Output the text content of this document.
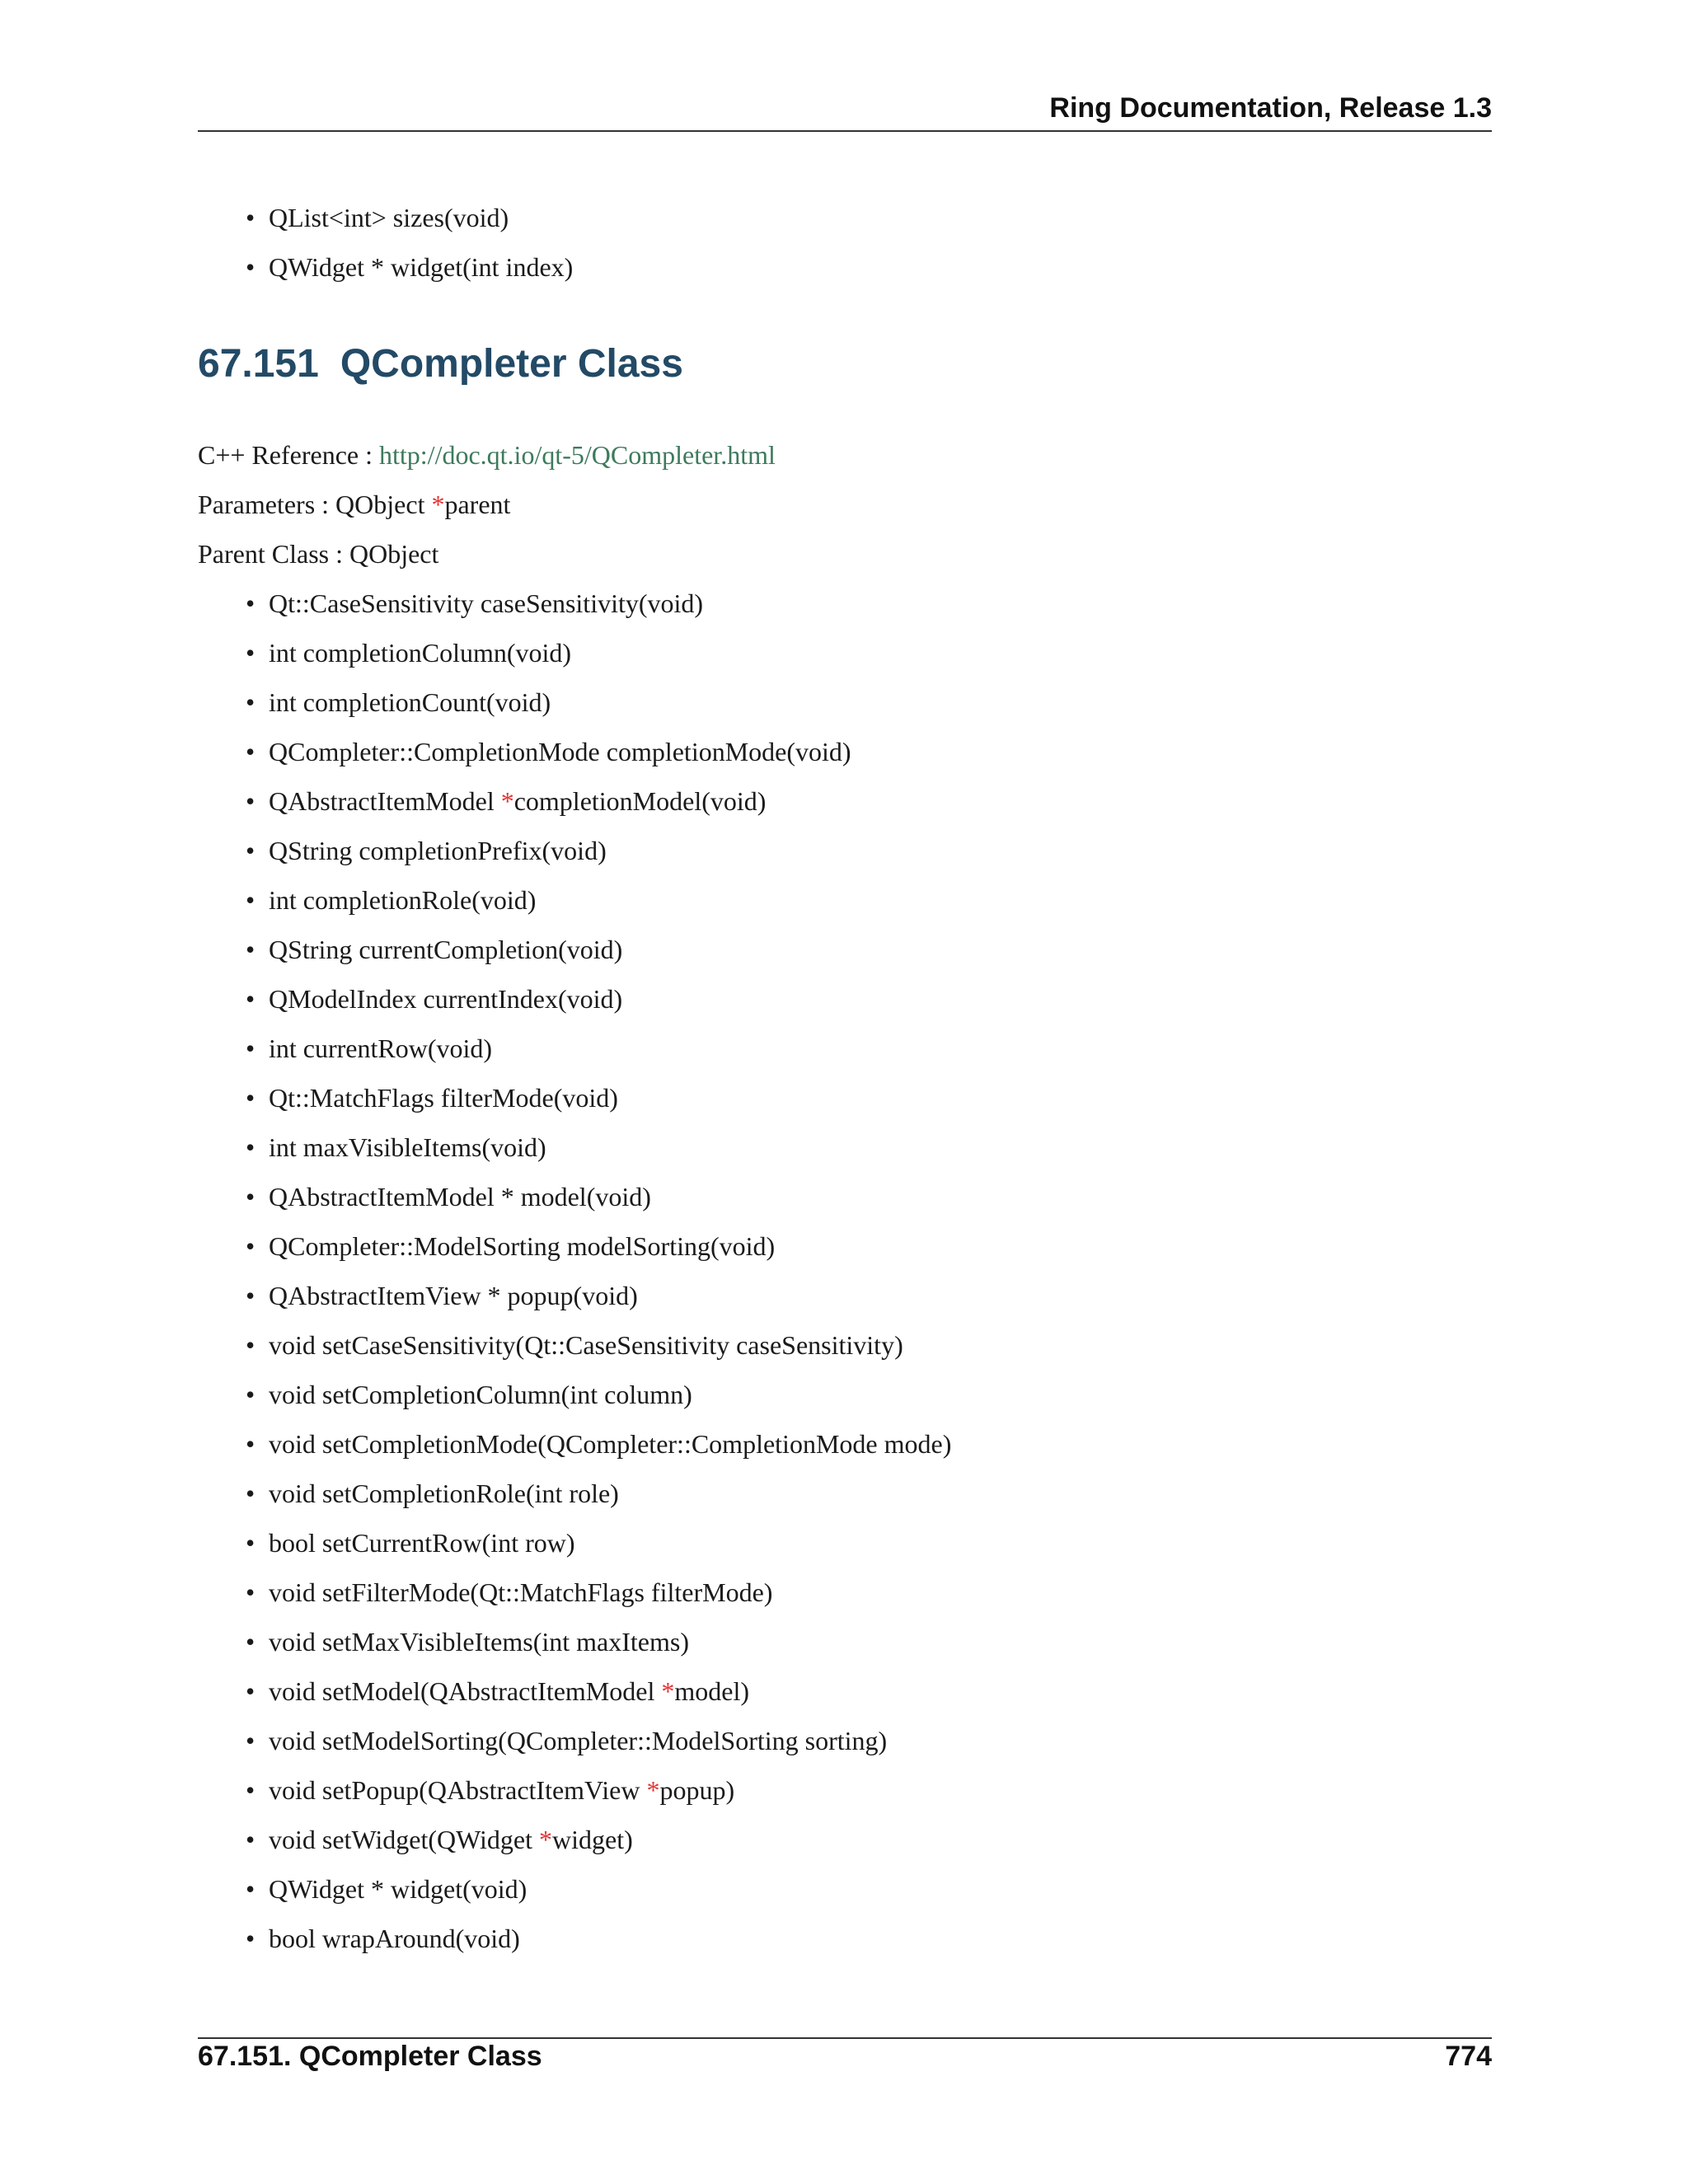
Ring Documentation, Release 1.3
• QList<int> sizes(void)
• QWidget * widget(int index)
67.151 QCompleter Class
C++ Reference : http://doc.qt.io/qt-5/QCompleter.html
Parameters : QObject *parent
Parent Class : QObject
• Qt::CaseSensitivity caseSensitivity(void)
• int completionColumn(void)
• int completionCount(void)
• QCompleter::CompletionMode completionMode(void)
• QAbstractItemModel *completionModel(void)
• QString completionPrefix(void)
• int completionRole(void)
• QString currentCompletion(void)
• QModelIndex currentIndex(void)
• int currentRow(void)
• Qt::MatchFlags filterMode(void)
• int maxVisibleItems(void)
• QAbstractItemModel * model(void)
• QCompleter::ModelSorting modelSorting(void)
• QAbstractItemView * popup(void)
• void setCaseSensitivity(Qt::CaseSensitivity caseSensitivity)
• void setCompletionColumn(int column)
• void setCompletionMode(QCompleter::CompletionMode mode)
• void setCompletionRole(int role)
• bool setCurrentRow(int row)
• void setFilterMode(Qt::MatchFlags filterMode)
• void setMaxVisibleItems(int maxItems)
• void setModel(QAbstractItemModel *model)
• void setModelSorting(QCompleter::ModelSorting sorting)
• void setPopup(QAbstractItemView *popup)
• void setWidget(QWidget *widget)
• QWidget * widget(void)
• bool wrapAround(void)
67.151. QCompleter Class	774
